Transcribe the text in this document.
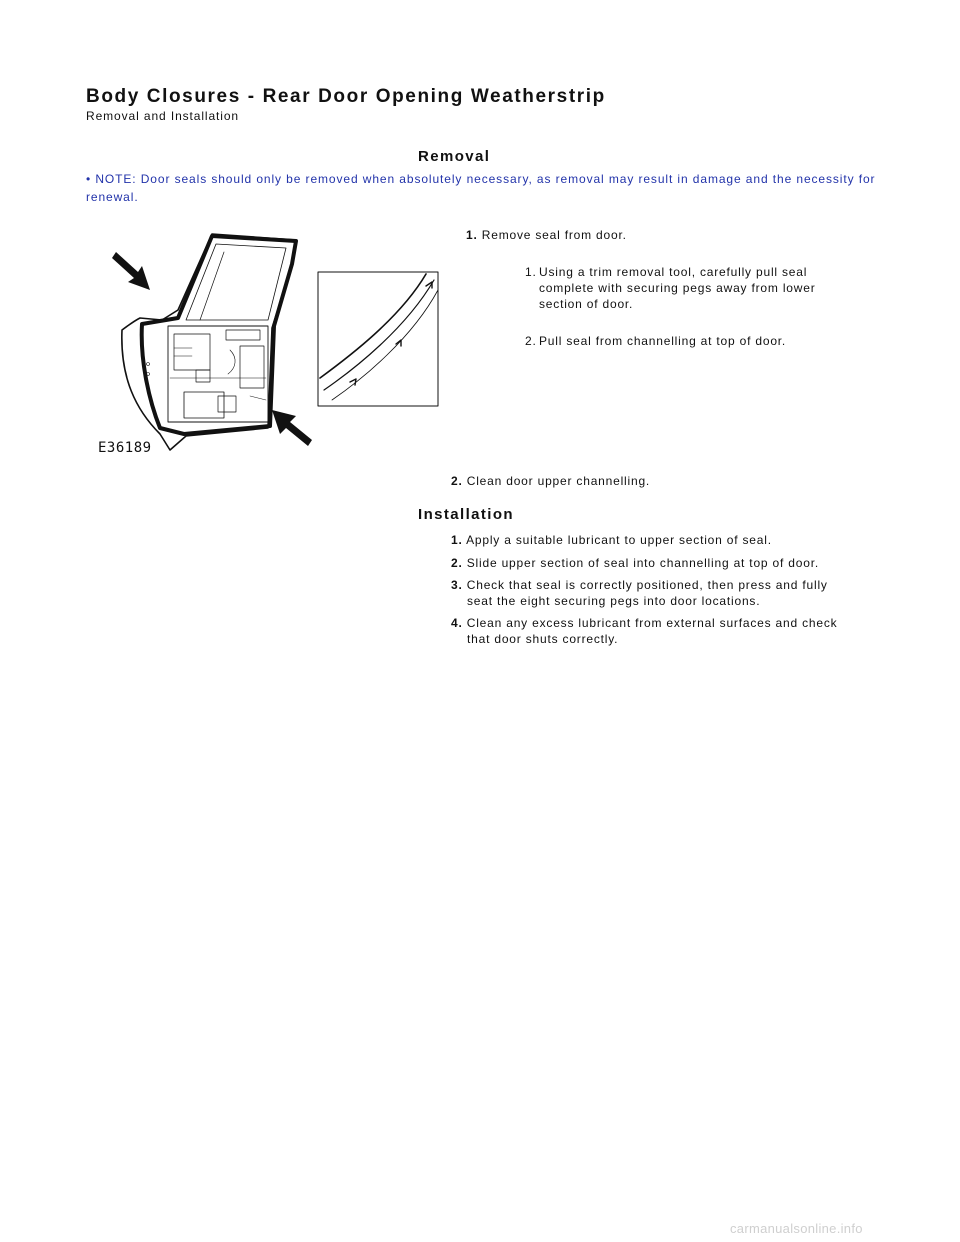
Body Closures - Rear Door Opening Weatherstrip
Removal and Installation
Removal
• NOTE: Door seals should only be removed when absolutely necessary, as removal may result in damage and the necessity for renewal.
E36189
1. Remove seal from door.
1. Using a trim removal tool, carefully pull seal
complete with securing pegs away from lower
section of door.
2. Pull seal from channelling at top of door.
2. Clean door upper channelling.
Installation
1. Apply a suitable lubricant to upper section of seal.
2. Slide upper section of seal into channelling at top of door.
3. Check that seal is correctly positioned, then press and fully
seat the eight securing pegs into door locations.
4. Clean any excess lubricant from external surfaces and check
that door shuts correctly.
carmanualsonline.info
